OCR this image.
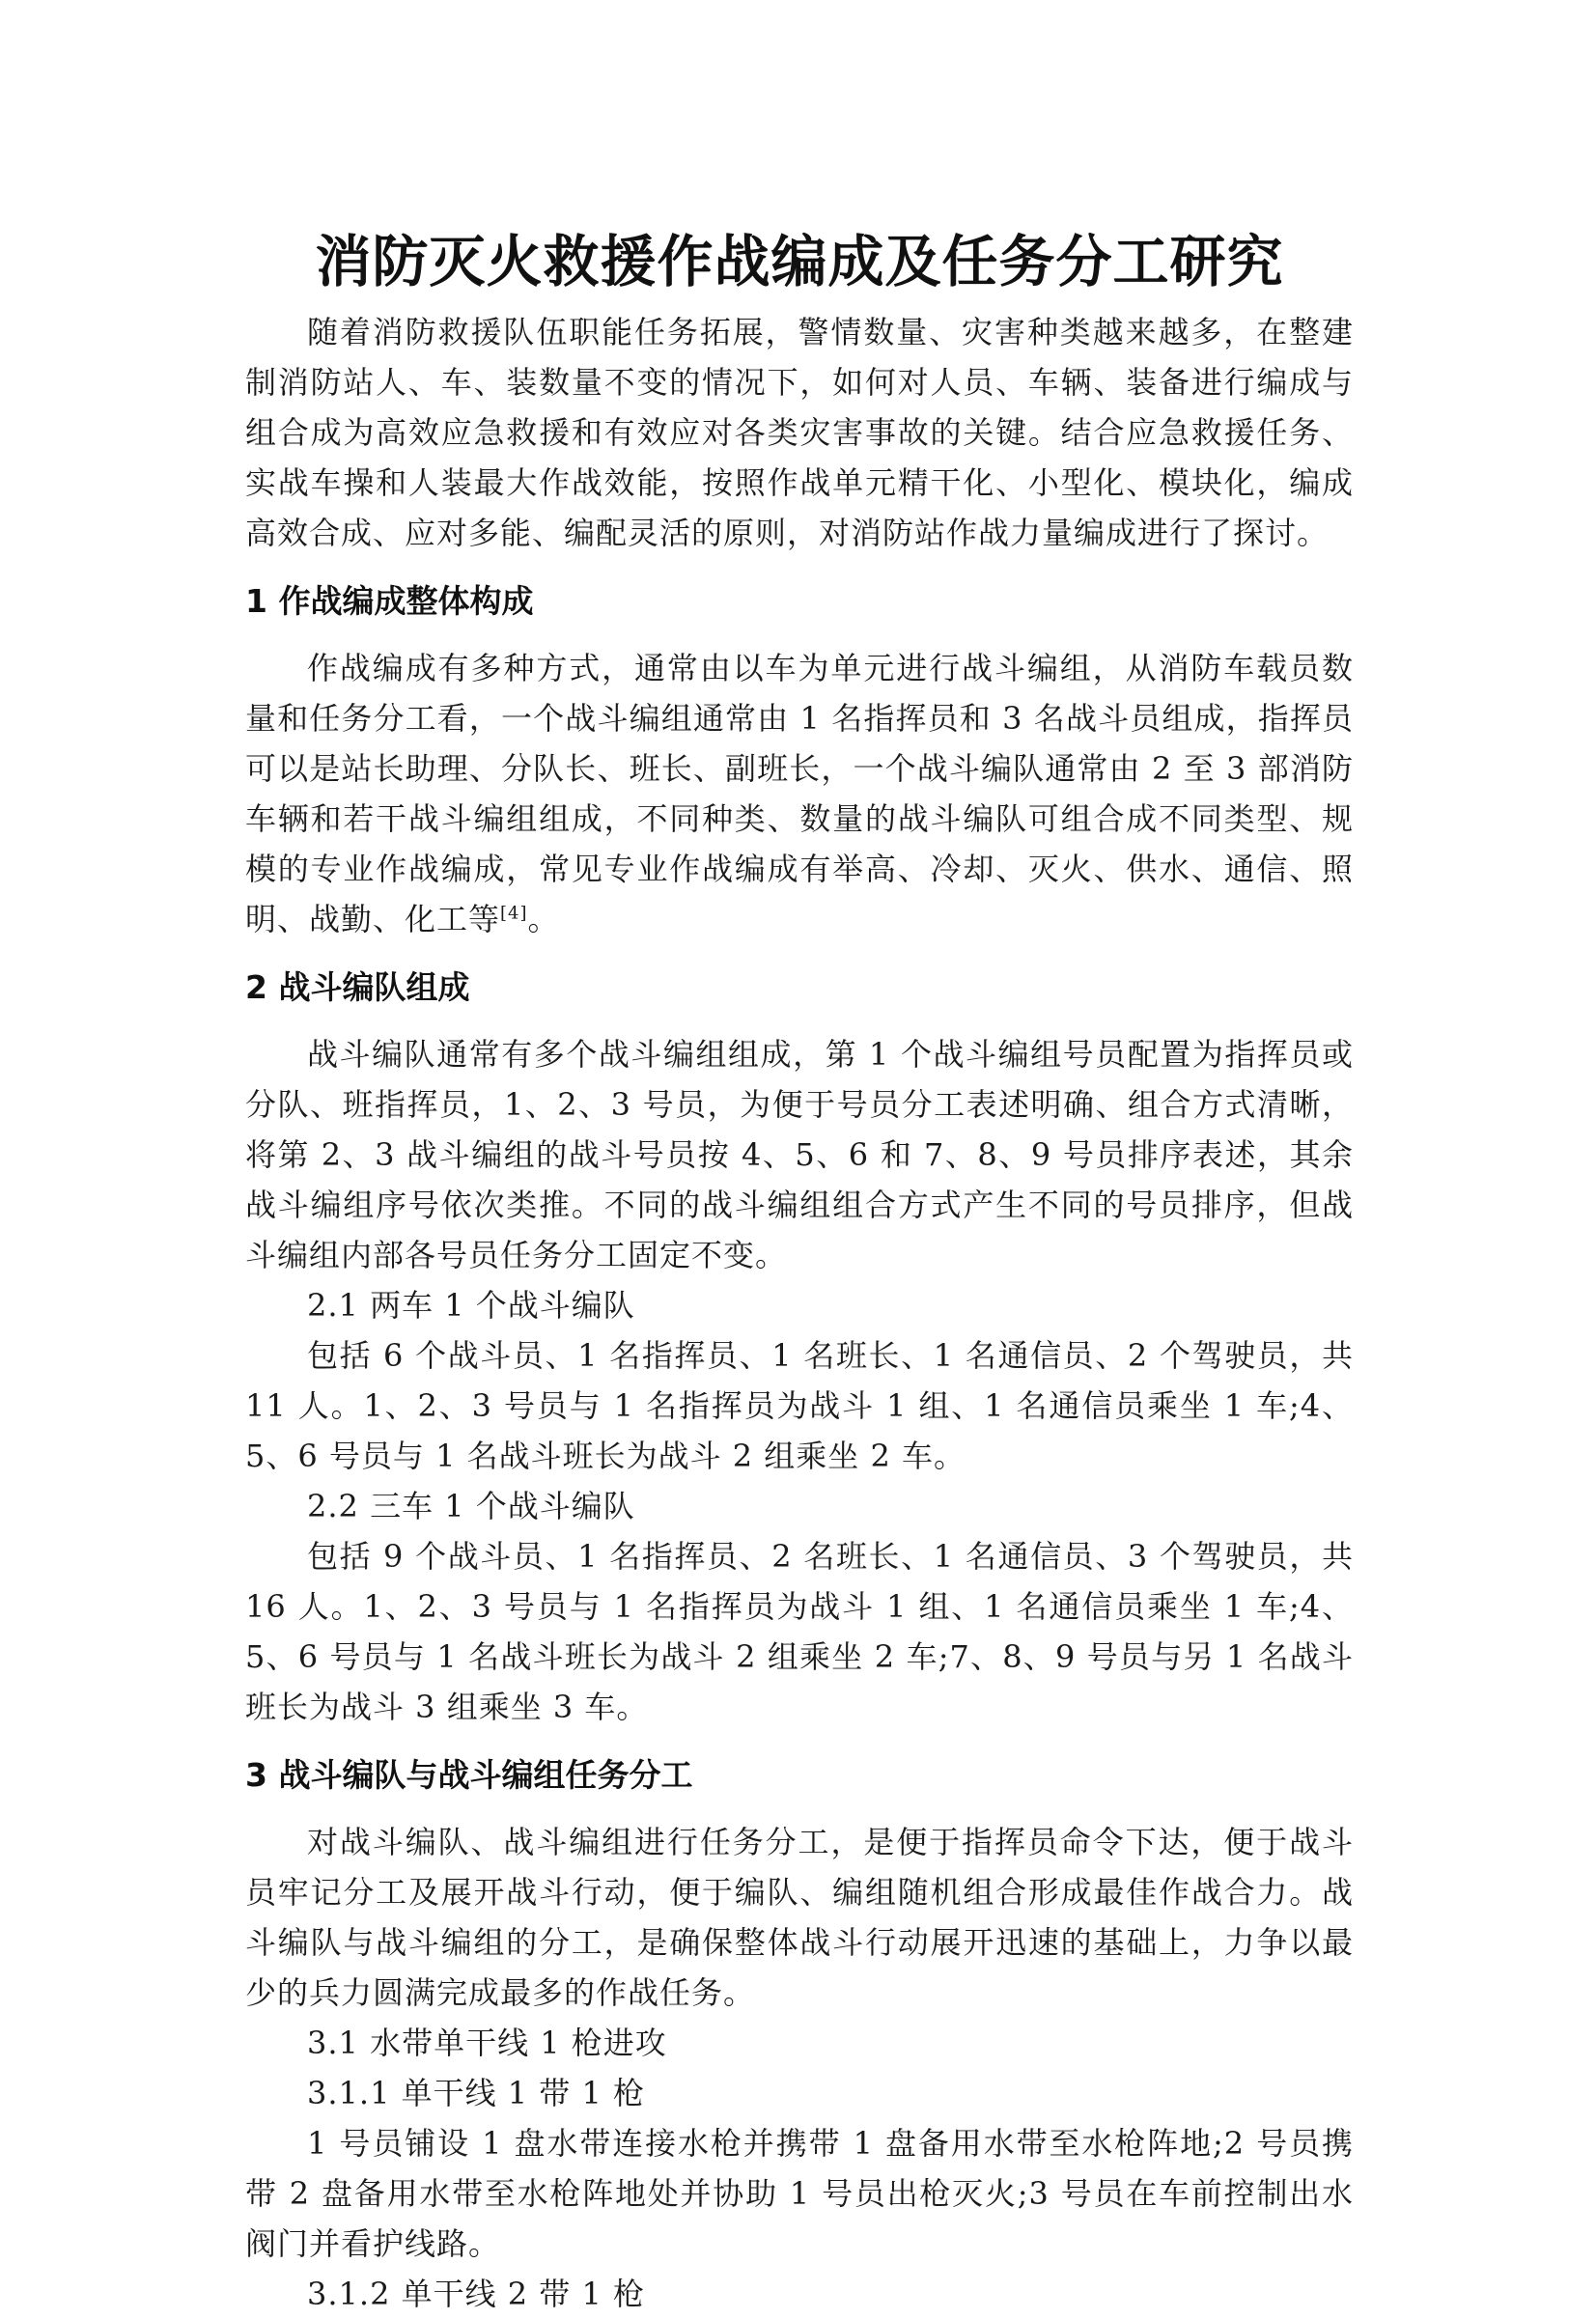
消防灭火救援作战编成及任务分工研究

随着消防救援队伍职能任务拓展，警情数量、灾害种类越来越多，在整建制消防站人、车、装数量不变的情况下，如何对人员、车辆、装备进行编成与组合成为高效应急救援和有效应对各类灾害事故的关键。结合应急救援任务、实战车操和人装最大作战效能，按照作战单元精干化、小型化、模块化，编成高效合成、应对多能、编配灵活的原则，对消防站作战力量编成进行了探讨。

1 作战编成整体构成

作战编成有多种方式，通常由以车为单元进行战斗编组，从消防车载员数量和任务分工看，一个战斗编组通常由 1 名指挥员和 3 名战斗员组成，指挥员可以是站长助理、分队长、班长、副班长，一个战斗编队通常由 2 至 3 部消防车辆和若干战斗编组组成，不同种类、数量的战斗编队可组合成不同类型、规模的专业作战编成，常见专业作战编成有举高、冷却、灭火、供水、通信、照明、战勤、化工等[4]。

2 战斗编队组成

战斗编队通常有多个战斗编组组成，第 1 个战斗编组号员配置为指挥员或分队、班指挥员，1、2、3 号员，为便于号员分工表述明确、组合方式清晰，将第 2、3 战斗编组的战斗号员按 4、5、6 和 7、8、9 号员排序表述，其余战斗编组序号依次类推。不同的战斗编组组合方式产生不同的号员排序，但战斗编组内部各号员任务分工固定不变。

2.1 两车 1 个战斗编队

包括 6 个战斗员、1 名指挥员、1 名班长、1 名通信员、2 个驾驶员，共 11 人。1、2、3 号员与 1 名指挥员为战斗 1 组、1 名通信员乘坐 1 车;4、5、6 号员与 1 名战斗班长为战斗 2 组乘坐 2 车。

2.2 三车 1 个战斗编队

包括 9 个战斗员、1 名指挥员、2 名班长、1 名通信员、3 个驾驶员，共 16 人。1、2、3 号员与 1 名指挥员为战斗 1 组、1 名通信员乘坐 1 车;4、5、6 号员与 1 名战斗班长为战斗 2 组乘坐 2 车;7、8、9 号员与另 1 名战斗班长为战斗 3 组乘坐 3 车。

3 战斗编队与战斗编组任务分工

对战斗编队、战斗编组进行任务分工，是便于指挥员命令下达，便于战斗员牢记分工及展开战斗行动，便于编队、编组随机组合形成最佳作战合力。战斗编队与战斗编组的分工，是确保整体战斗行动展开迅速的基础上，力争以最少的兵力圆满完成最多的作战任务。

3.1 水带单干线 1 枪进攻

3.1.1 单干线 1 带 1 枪

1 号员铺设 1 盘水带连接水枪并携带 1 盘备用水带至水枪阵地;2 号员携带 2 盘备用水带至水枪阵地处并协助 1 号员出枪灭火;3 号员在车前控制出水阀门并看护线路。

3.1.2 单干线 2 带 1 枪
